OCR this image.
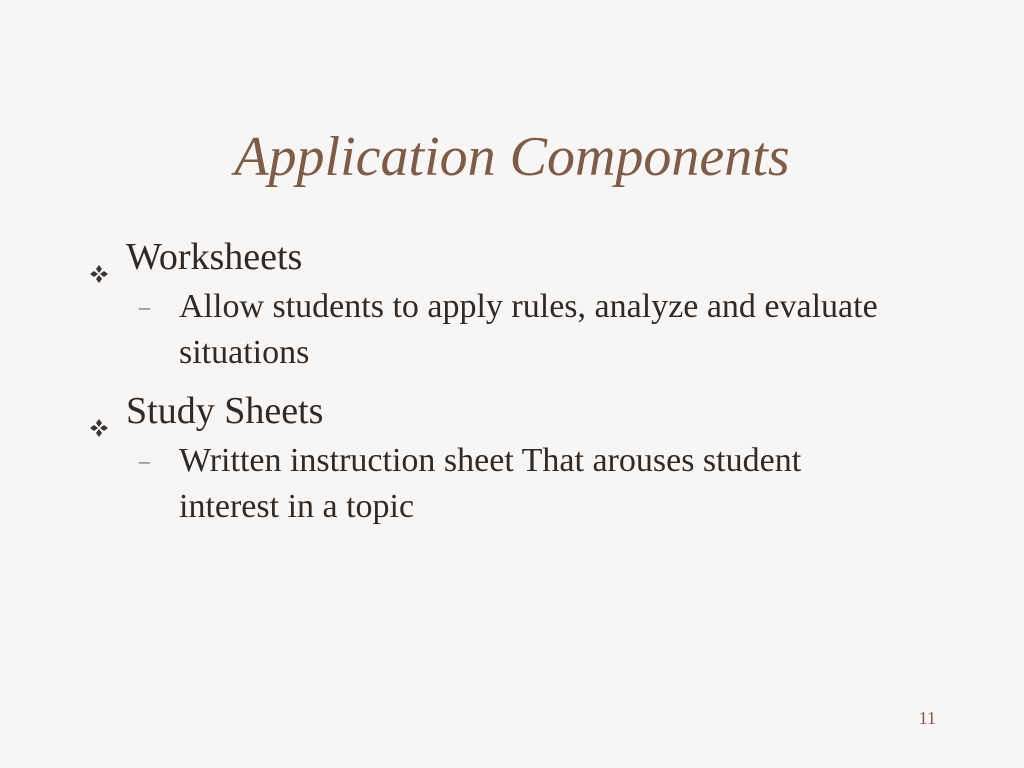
Application Components
Worksheets
– Allow students to apply rules, analyze and evaluate situations
Study Sheets
– Written instruction sheet That arouses student interest in a topic
11
